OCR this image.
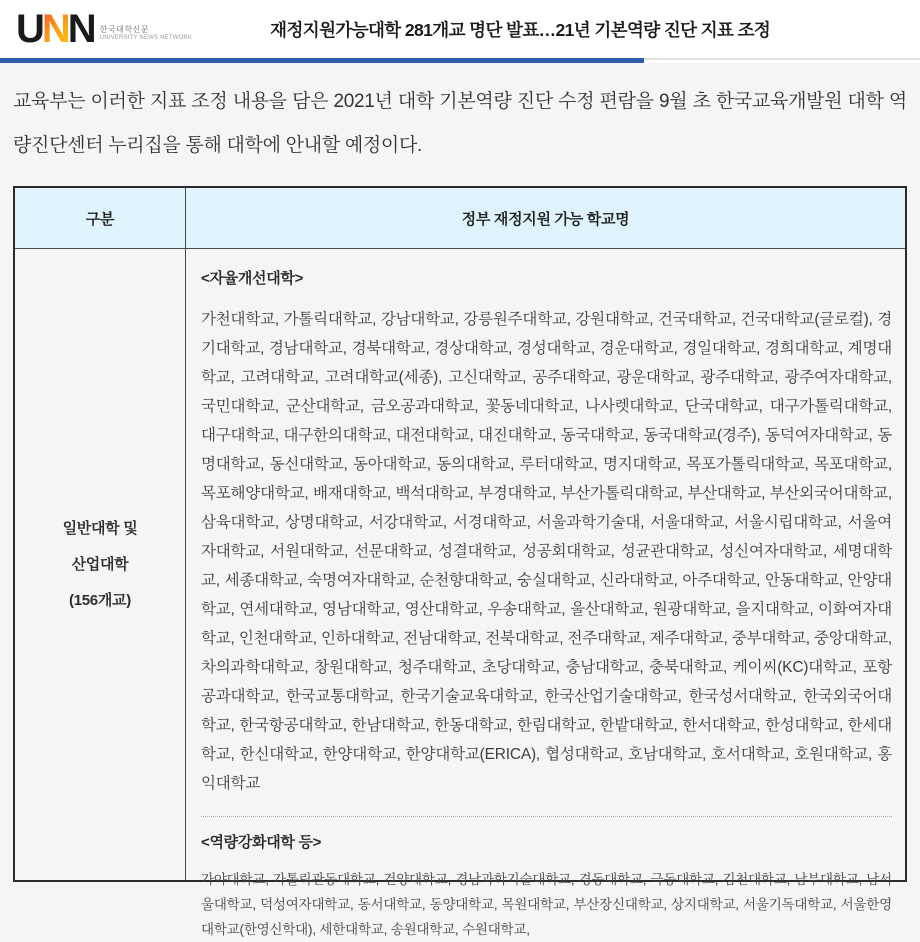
UNN 한국대학신문
UNIVERSITY NEWS NETWORK	재정지원가능대학 281개교 명단 발표…21년 기본역량 진단 지표 조정

교육부는 이러한 지표 조정 내용을 담은 2021년 대학 기본역량 진단 수정 편람을 9월 초 한국교육개발원 대학 역량진단센터 누리집을 통해 대학에 안내할 예정이다.

구분	정부 재정지원 가능 학교명
일반대학 및
산업대학
(156개교)
<자율개선대학>
가천대학교, 가톨릭대학교, 강남대학교, 강릉원주대학교, 강원대학교, 건국대학교, 건국대학교(글로컬), 경기대학교, 경남대학교, 경북대학교, 경상대학교, 경성대학교, 경운대학교, 경일대학교, 경희대학교, 계명대학교, 고려대학교, 고려대학교(세종), 고신대학교, 공주대학교, 광운대학교, 광주대학교, 광주여자대학교, 국민대학교, 군산대학교, 금오공과대학교, 꽃동네대학교, 나사렛대학교, 단국대학교, 대구가톨릭대학교, 대구대학교, 대구한의대학교, 대전대학교, 대진대학교, 동국대학교, 동국대학교(경주), 동덕여자대학교, 동명대학교, 동신대학교, 동아대학교, 동의대학교, 루터대학교, 명지대학교, 목포가톨릭대학교, 목포대학교, 목포해양대학교, 배재대학교, 백석대학교, 부경대학교, 부산가톨릭대학교, 부산대학교, 부산외국어대학교, 삼육대학교, 상명대학교, 서강대학교, 서경대학교, 서울과학기술대, 서울대학교, 서울시립대학교, 서울여자대학교, 서원대학교, 선문대학교, 성결대학교, 성공회대학교, 성균관대학교, 성신여자대학교, 세명대학교, 세종대학교, 숙명여자대학교, 순천향대학교, 숭실대학교, 신라대학교, 아주대학교, 안동대학교, 안양대학교, 연세대학교, 영남대학교, 영산대학교, 우송대학교, 울산대학교, 원광대학교, 을지대학교, 이화여자대학교, 인천대학교, 인하대학교, 전남대학교, 전북대학교, 전주대학교, 제주대학교, 중부대학교, 중앙대학교, 차의과학대학교, 창원대학교, 청주대학교, 초당대학교, 충남대학교, 충북대학교, 케이씨(KC)대학교, 포항공과대학교, 한국교통대학교, 한국기술교육대학교, 한국산업기술대학교, 한국성서대학교, 한국외국어대학교, 한국항공대학교, 한남대학교, 한동대학교, 한림대학교, 한밭대학교, 한서대학교, 한성대학교, 한세대학교, 한신대학교, 한양대학교, 한양대학교(ERICA), 협성대학교, 호남대학교, 호서대학교, 호원대학교, 홍익대학교
<역량강화대학 등>
가야대학교, 가톨릭관동대학교, 건양대학교, 경남과학기술대학교, 경동대학교, 극동대학교, 김천대학교, 남부대학교, 남서울대학교, 덕성여자대학교, 동서대학교, 동양대학교, 목원대학교, 부산장신대학교, 상지대학교, 서울기독대학교, 서울한영대학교(한영신학대), 세한대학교, 송원대학교, 수원대학교,
